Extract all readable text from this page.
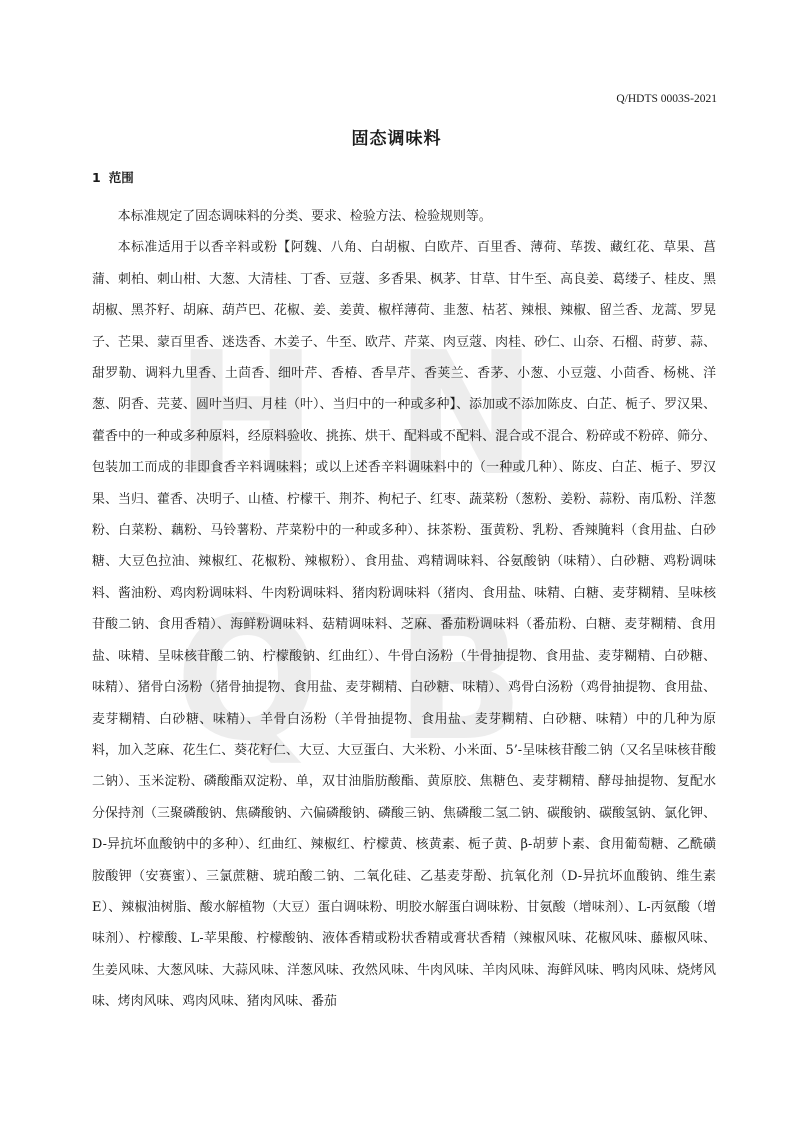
H N
Q B
Q/HDTS 0003S-2021
固态调味料
1 范围

本标准规定了固态调味料的分类、要求、检验方法、检验规则等。

本标准适用于以香辛料或粉【阿魏、八角、白胡椒、白欧芹、百里香、薄荷、荜拨、藏红花、草果、菖蒲、刺柏、刺山柑、大葱、大清桂、丁香、豆蔻、多香果、枫茅、甘草、甘牛至、高良姜、葛缕子、桂皮、黑胡椒、黑芥籽、胡麻、葫芦巴、花椒、姜、姜黄、椒样薄荷、韭葱、枯茗、辣根、辣椒、留兰香、龙蒿、罗晃子、芒果、蒙百里香、迷迭香、木姜子、牛至、欧芹、芹菜、肉豆蔻、肉桂、砂仁、山奈、石榴、莳萝、蒜、甜罗勒、调料九里香、土茴香、细叶芹、香椿、香旱芹、香荚兰、香茅、小葱、小豆蔻、小茴香、杨桃、洋葱、阴香、芫荽、圆叶当归、月桂（叶）、当归中的一种或多种】、添加或不添加陈皮、白芷、栀子、罗汉果、藿香中的一种或多种原料，经原料验收、挑拣、烘干、配料或不配料、混合或不混合、粉碎或不粉碎、筛分、包装加工而成的非即食香辛料调味料；或以上述香辛料调味料中的（一种或几种）、陈皮、白芷、栀子、罗汉果、当归、藿香、决明子、山楂、柠檬干、荆芥、枸杞子、红枣、蔬菜粉（葱粉、姜粉、蒜粉、南瓜粉、洋葱粉、白菜粉、藕粉、马铃薯粉、芹菜粉中的一种或多种）、抹茶粉、蛋黄粉、乳粉、香辣腌料（食用盐、白砂糖、大豆色拉油、辣椒红、花椒粉、辣椒粉）、食用盐、鸡精调味料、谷氨酸钠（味精）、白砂糖、鸡粉调味料、酱油粉、鸡肉粉调味料、牛肉粉调味料、猪肉粉调味料（猪肉、食用盐、味精、白糖、麦芽糊精、呈味核苷酸二钠、食用香精）、海鲜粉调味料、菇精调味料、芝麻、番茄粉调味料（番茄粉、白糖、麦芽糊精、食用盐、味精、呈味核苷酸二钠、柠檬酸钠、红曲红）、牛骨白汤粉（牛骨抽提物、食用盐、麦芽糊精、白砂糖、味精）、猪骨白汤粉（猪骨抽提物、食用盐、麦芽糊精、白砂糖、味精）、鸡骨白汤粉（鸡骨抽提物、食用盐、麦芽糊精、白砂糖、味精）、羊骨白汤粉（羊骨抽提物、食用盐、麦芽糊精、白砂糖、味精）中的几种为原料，加入芝麻、花生仁、葵花籽仁、大豆、大豆蛋白、大米粉、小米面、5’-呈味核苷酸二钠（又名呈味核苷酸二钠）、玉米淀粉、磷酸酯双淀粉、单，双甘油脂肪酸酯、黄原胶、焦糖色、麦芽糊精、酵母抽提物、复配水分保持剂（三聚磷酸钠、焦磷酸钠、六偏磷酸钠、磷酸三钠、焦磷酸二氢二钠、碳酸钠、碳酸氢钠、氯化钾、D-异抗坏血酸钠中的多种）、红曲红、辣椒红、柠檬黄、核黄素、栀子黄、β-胡萝卜素、食用葡萄糖、乙酰磺胺酸钾（安赛蜜）、三氯蔗糖、琥珀酸二钠、二氧化硅、乙基麦芽酚、抗氧化剂（D-异抗坏血酸钠、维生素 E）、辣椒油树脂、酸水解植物（大豆）蛋白调味粉、明胶水解蛋白调味粉、甘氨酸（增味剂）、L-丙氨酸（增味剂）、柠檬酸、L-苹果酸、柠檬酸钠、液体香精或粉状香精或膏状香精（辣椒风味、花椒风味、藤椒风味、生姜风味、大葱风味、大蒜风味、洋葱风味、孜然风味、牛肉风味、羊肉风味、海鲜风味、鸭肉风味、烧烤风味、烤肉风味、鸡肉风味、猪肉风味、番茄
